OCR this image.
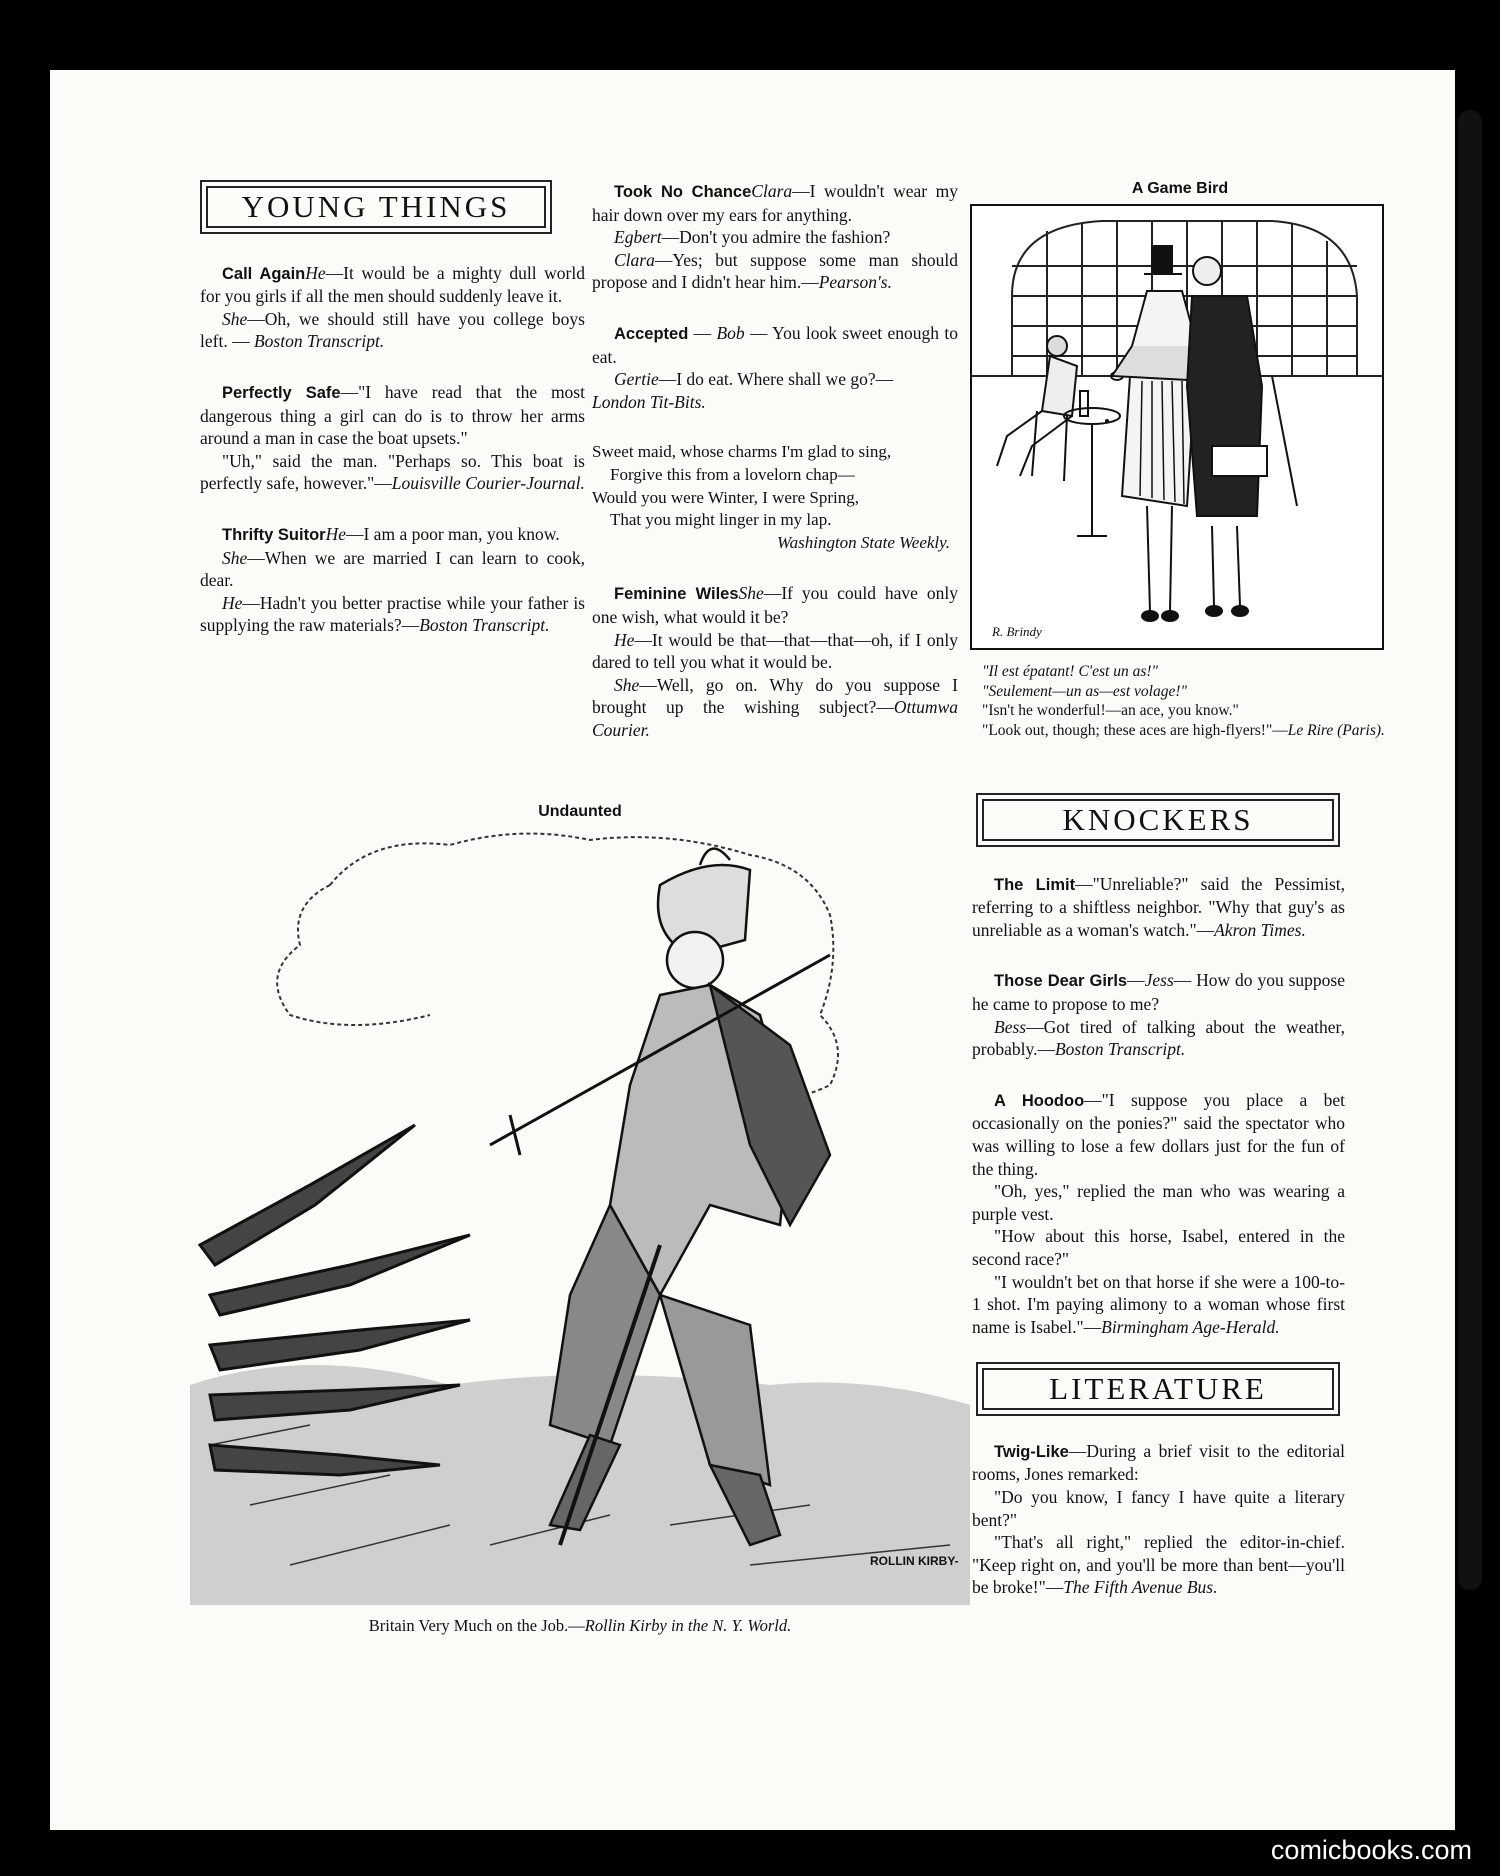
YOUNG THINGS

Call AgainHe—It would be a mighty dull world for you girls if all the men should suddenly leave it.

She—Oh, we should still have you college boys left. — Boston Transcript.

Perfectly Safe—"I have read that the most dangerous thing a girl can do is to throw her arms around a man in case the boat upsets."

"Uh," said the man. "Perhaps so. This boat is perfectly safe, however."—Louisville Courier-Journal.

Thrifty SuitorHe—I am a poor man, you know.

She—When we are married I can learn to cook, dear.

He—Hadn't you better practise while your father is supplying the raw materials?—Boston Transcript.

Took No ChanceClara—I wouldn't wear my hair down over my ears for anything.

Egbert—Don't you admire the fashion?

Clara—Yes; but suppose some man should propose and I didn't hear him.—Pearson's.

Accepted — Bob — You look sweet enough to eat.

Gertie—I do eat. Where shall we go?—

London Tit-Bits.

Sweet maid, whose charms I'm glad to sing,

Forgive this from a lovelorn chap—

Would you were Winter, I were Spring,

That you might linger in my lap.

Washington State Weekly.

Feminine WilesShe—If you could have only one wish, what would it be?

He—It would be that—that—that—oh, if I only dared to tell you what it would be.

She—Well, go on. Why do you suppose I brought up the wishing subject?—Ottumwa Courier.

A Game Bird
R. Brindy

"Il est épatant! C'est un as!"

"Seulement—un as—est volage!"

"Isn't he wonderful!—an ace, you know."

"Look out, though; these aces are high-flyers!"—Le Rire (Paris).

Undaunted
ROLLIN KIRBY-
Britain Very Much on the Job.—Rollin Kirby in the N. Y. World.
KNOCKERS

The Limit—"Unreliable?" said the Pessimist, referring to a shiftless neighbor. "Why that guy's as unreliable as a woman's watch."—Akron Times.

Those Dear Girls—Jess— How do you suppose he came to propose to me?

Bess—Got tired of talking about the weather, probably.—Boston Transcript.

A Hoodoo—"I suppose you place a bet occasionally on the ponies?" said the spectator who was willing to lose a few dollars just for the fun of the thing.

"Oh, yes," replied the man who was wearing a purple vest.

"How about this horse, Isabel, entered in the second race?"

"I wouldn't bet on that horse if she were a 100-to-1 shot. I'm paying alimony to a woman whose first name is Isabel."—Birmingham Age-Herald.

LITERATURE

Twig-Like—During a brief visit to the editorial rooms, Jones remarked:

"Do you know, I fancy I have quite a literary bent?"

"That's all right," replied the editor-in-chief. "Keep right on, and you'll be more than bent—you'll be broke!"—The Fifth Avenue Bus.

comicbooks.com
